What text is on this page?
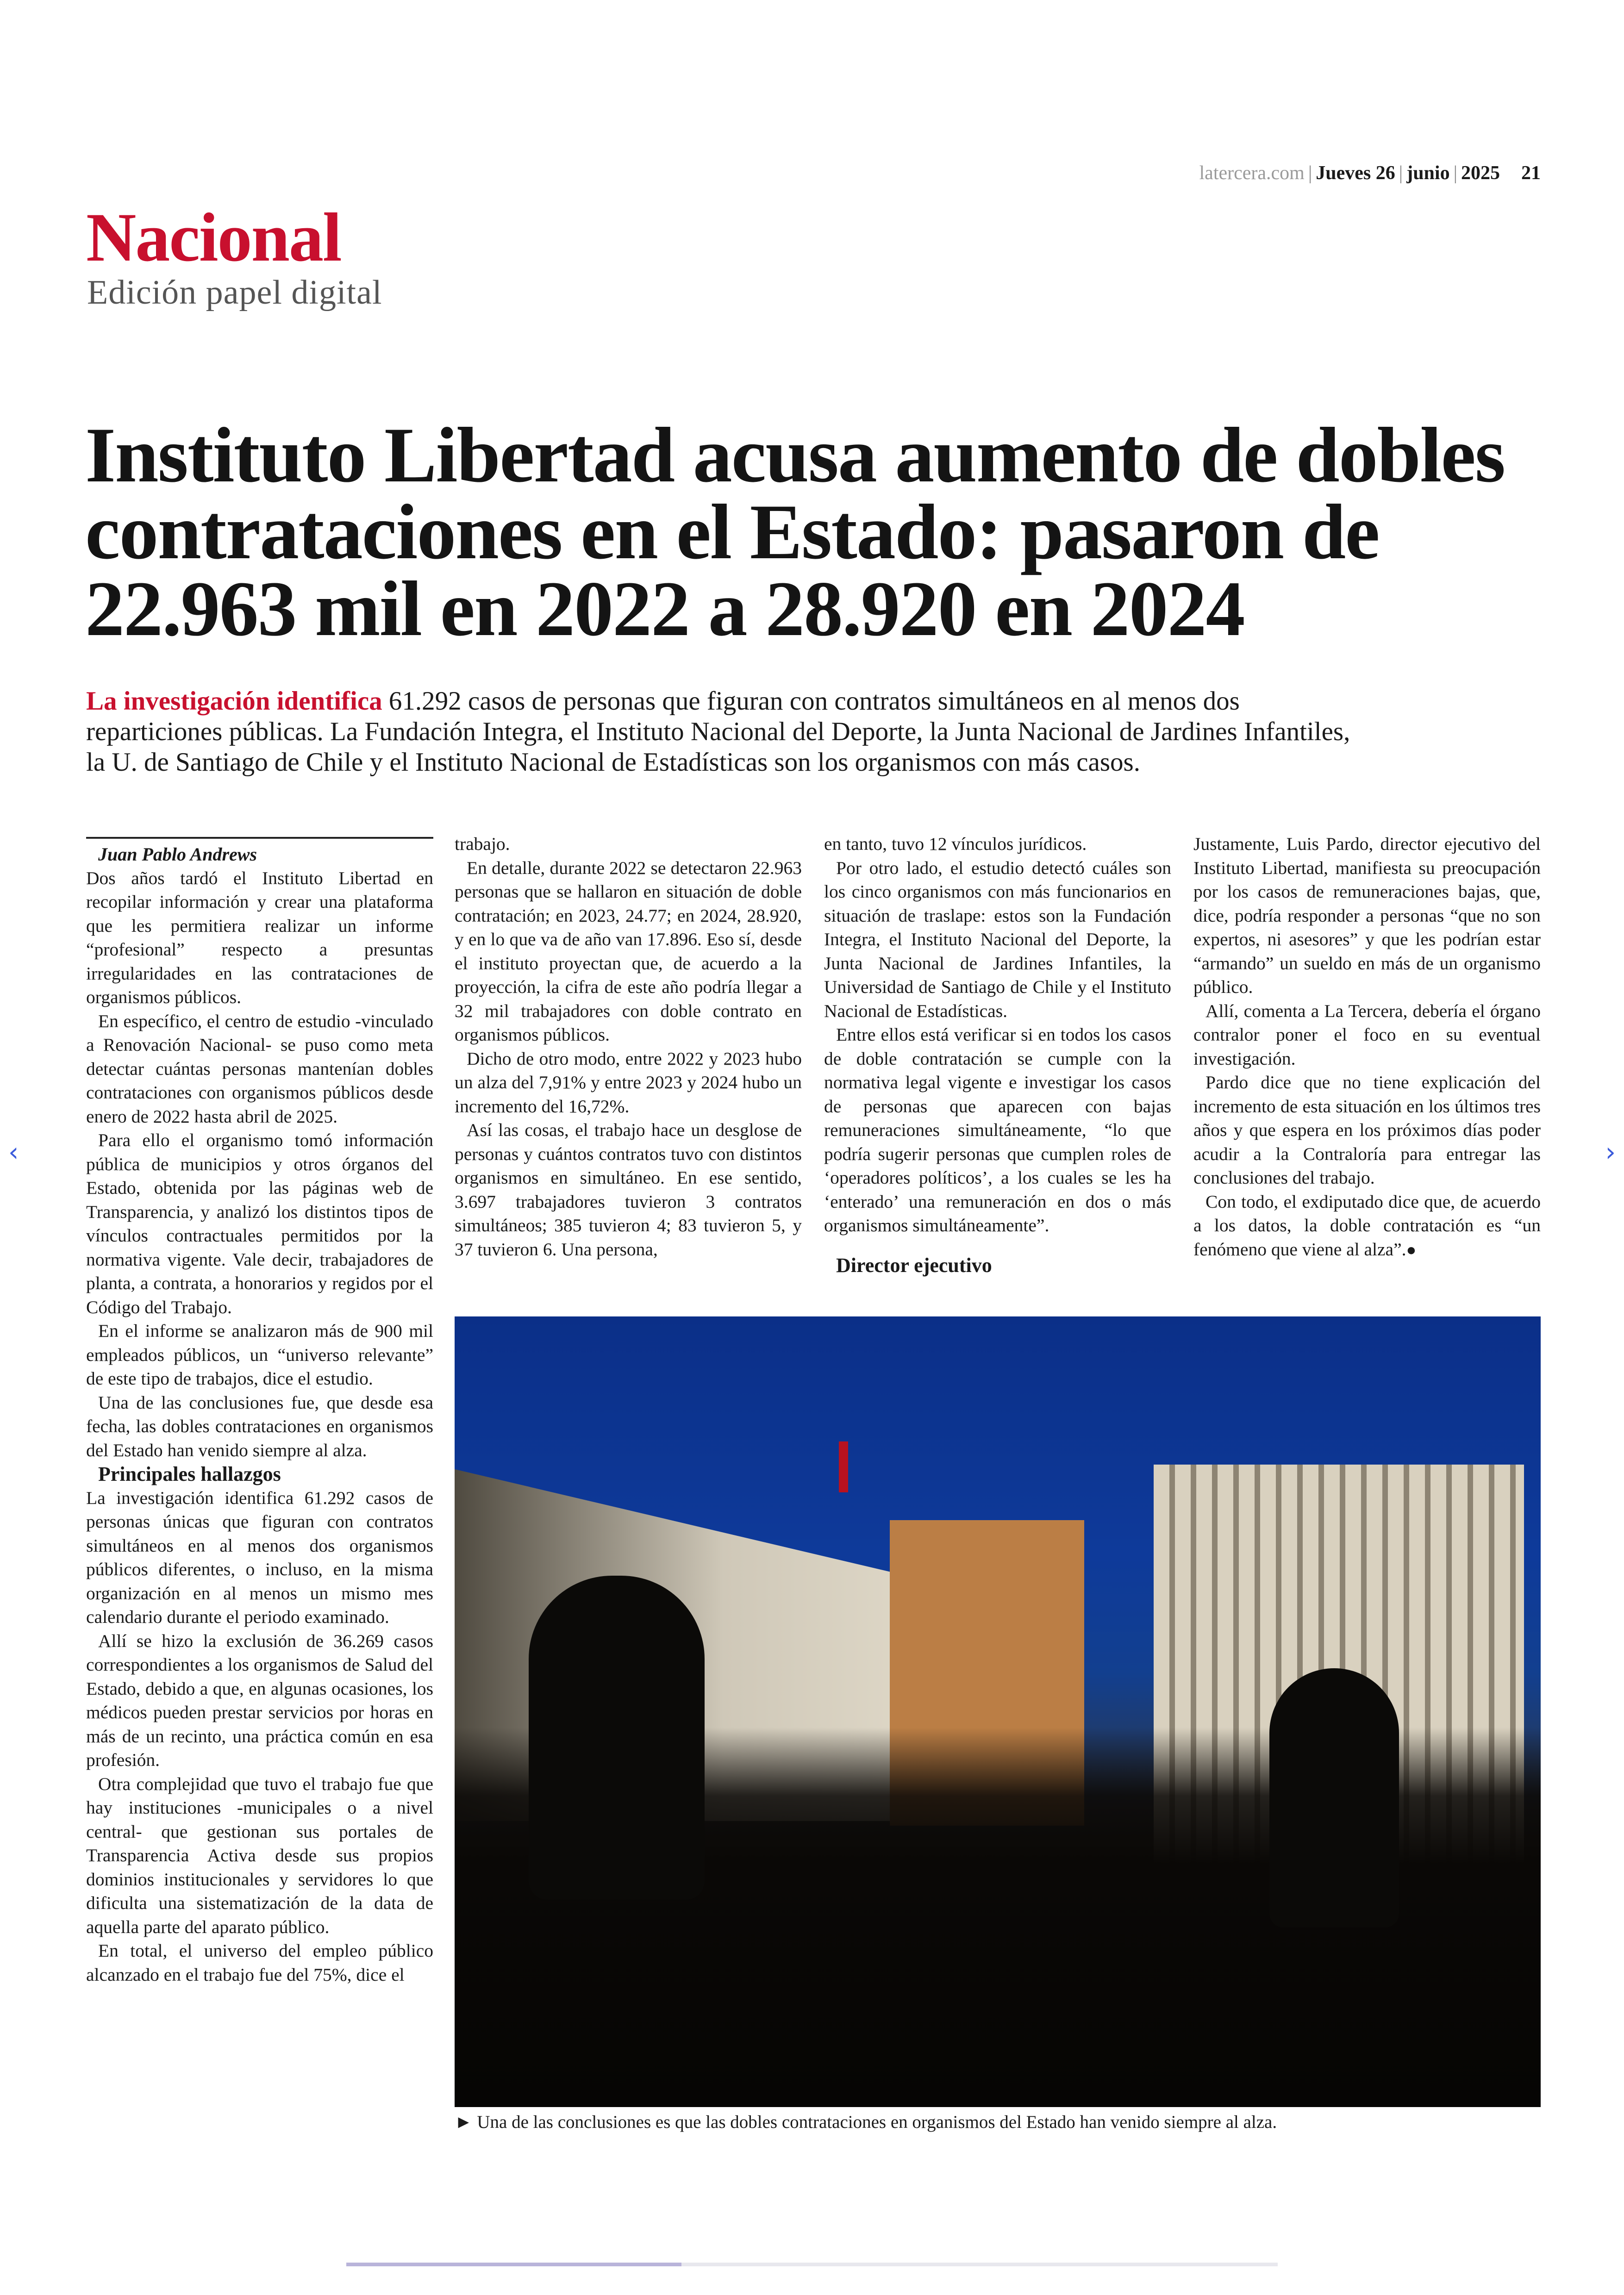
latercera.com | Jueves 26 | junio | 2025 21
Nacional
Edición papel digital
Instituto Libertad acusa aumento de dobles contrataciones en el Estado: pasaron de 22.963 mil en 2022 a 28.920 en 2024
La investigación identifica 61.292 casos de personas que figuran con contratos simultáneos en al menos dos reparticiones públicas. La Fundación Integra, el Instituto Nacional del Deporte, la Junta Nacional de Jardines Infantiles, la U. de Santiago de Chile y el Instituto Nacional de Estadísticas son los organismos con más casos.

Juan Pablo Andrews

Dos años tardó el Instituto Libertad en recopilar información y crear una plataforma que les permitiera realizar un informe “profesional” respecto a presuntas irregularidades en las contrataciones de organismos públicos.

En específico, el centro de estudio -vinculado a Renovación Nacional- se puso como meta detectar cuántas personas mantenían dobles contrataciones con organismos públicos desde enero de 2022 hasta abril de 2025.

Para ello el organismo tomó información pública de municipios y otros órganos del Estado, obtenida por las páginas web de Transparencia, y analizó los distintos tipos de vínculos contractuales permitidos por la normativa vigente. Vale decir, trabajadores de planta, a contrata, a honorarios y regidos por el Código del Trabajo.

En el informe se analizaron más de 900 mil empleados públicos, un “universo relevante” de este tipo de trabajos, dice el estudio.

Una de las conclusiones fue, que desde esa fecha, las dobles contrataciones en organismos del Estado han venido siempre al alza.

Principales hallazgos

La investigación identifica 61.292 casos de personas únicas que figuran con contratos simultáneos en al menos dos organismos públicos diferentes, o incluso, en la misma organización en al menos un mismo mes calendario durante el periodo examinado.

Allí se hizo la exclusión de 36.269 casos correspondientes a los organismos de Salud del Estado, debido a que, en algunas ocasiones, los médicos pueden prestar servicios por horas en más de un recinto, una práctica común en esa profesión.

Otra complejidad que tuvo el trabajo fue que hay instituciones -municipales o a nivel central- que gestionan sus portales de Transparencia Activa desde sus propios dominios institucionales y servidores lo que dificulta una sistematización de la data de aquella parte del aparato público.

En total, el universo del empleo público alcanzado en el trabajo fue del 75%, dice el

trabajo.

En detalle, durante 2022 se detectaron 22.963 personas que se hallaron en situación de doble contratación; en 2023, 24.77; en 2024, 28.920, y en lo que va de año van 17.896. Eso sí, desde el instituto proyectan que, de acuerdo a la proyección, la cifra de este año podría llegar a 32 mil trabajadores con doble contrato en organismos públicos.

Dicho de otro modo, entre 2022 y 2023 hubo un alza del 7,91% y entre 2023 y 2024 hubo un incremento del 16,72%.

Así las cosas, el trabajo hace un desglose de personas y cuántos contratos tuvo con distintos organismos en simultáneo. En ese sentido, 3.697 trabajadores tuvieron 3 contratos simultáneos; 385 tuvieron 4; 83 tuvieron 5, y 37 tuvieron 6. Una persona,

en tanto, tuvo 12 vínculos jurídicos.

Por otro lado, el estudio detectó cuáles son los cinco organismos con más funcionarios en situación de traslape: estos son la Fundación Integra, el Instituto Nacional del Deporte, la Junta Nacional de Jardines Infantiles, la Universidad de Santiago de Chile y el Instituto Nacional de Estadísticas.

Entre ellos está verificar si en todos los casos de doble contratación se cumple con la normativa legal vigente e investigar los casos de personas que aparecen con bajas remuneraciones simultáneamente, “lo que podría sugerir personas que cumplen roles de ‘operadores políticos’, a los cuales se les ha ‘enterado’ una remuneración en dos o más organismos simultáneamente”.

Director ejecutivo

Justamente, Luis Pardo, director ejecutivo del Instituto Libertad, manifiesta su preocupación por los casos de remuneraciones bajas, que, dice, podría responder a personas “que no son expertos, ni asesores” y que les podrían estar “armando” un sueldo en más de un organismo público.

Allí, comenta a La Tercera, debería el órgano contralor poner el foco en su eventual investigación.

Pardo dice que no tiene explicación del incremento de esta situación en los últimos tres años y que espera en los próximos días poder acudir a la Contraloría para entregar las conclusiones del trabajo.

Con todo, el exdiputado dice que, de acuerdo a los datos, la doble contratación es “un fenómeno que viene al alza”.●

► Una de las conclusiones es que las dobles contrataciones en organismos del Estado han venido siempre al alza.
‹	›
